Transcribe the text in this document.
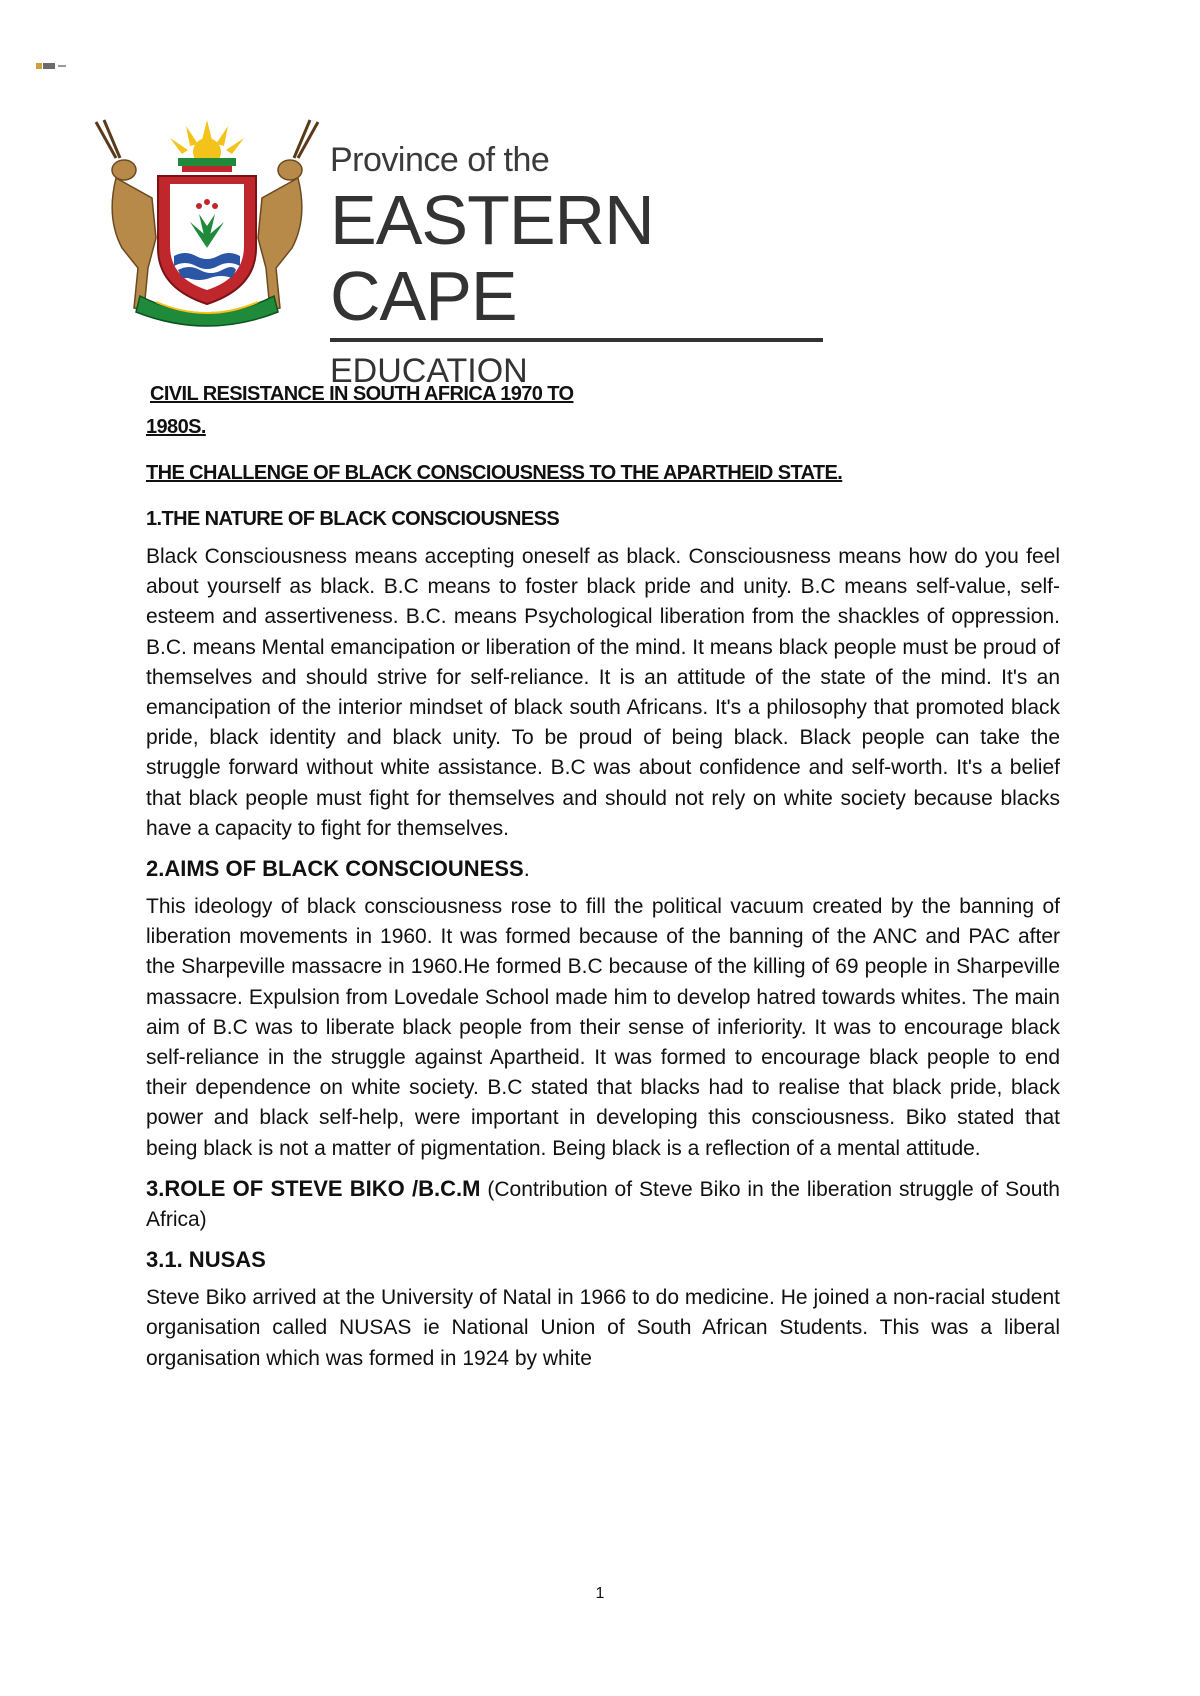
Province of the
EASTERN CAPE
EDUCATION
CIVIL RESISTANCE IN SOUTH AFRICA 1970 TO
1980S.
THE CHALLENGE OF BLACK CONSCIOUSNESS TO THE APARTHEID STATE.
1.THE NATURE OF BLACK CONSCIOUSNESS

Black Consciousness means accepting oneself as black. Consciousness means how do you feel about yourself as black. B.C means to foster black pride and unity. B.C means self-value, self-esteem and assertiveness. B.C. means Psychological liberation from the shackles of oppression. B.C. means Mental emancipation or liberation of the mind. It means black people must be proud of themselves and should strive for self-reliance. It is an attitude of the state of the mind. It's an emancipation of the interior mindset of black south Africans. It's a philosophy that promoted black pride, black identity and black unity. To be proud of being black. Black people can take the struggle forward without white assistance. B.C was about confidence and self-worth. It's a belief that black people must fight for themselves and should not rely on white society because blacks have a capacity to fight for themselves.

2.AIMS OF BLACK CONSCIOUNESS.

This ideology of black consciousness rose to fill the political vacuum created by the banning of liberation movements in 1960. It was formed because of the banning of the ANC and PAC after the Sharpeville massacre in 1960.He formed B.C because of the killing of 69 people in Sharpeville massacre. Expulsion from Lovedale School made him to develop hatred towards whites. The main aim of B.C was to liberate black people from their sense of inferiority. It was to encourage black self-reliance in the struggle against Apartheid. It was formed to encourage black people to end their dependence on white society. B.C stated that blacks had to realise that black pride, black power and black self-help, were important in developing this consciousness. Biko stated that being black is not a matter of pigmentation. Being black is a reflection of a mental attitude.

3.ROLE OF STEVE BIKO /B.C.M (Contribution of Steve Biko in the liberation struggle of South Africa)
3.1. NUSAS

Steve Biko arrived at the University of Natal in 1966 to do medicine. He joined a non-racial student organisation called NUSAS ie National Union of South African Students. This was a liberal organisation which was formed in 1924 by white

1
